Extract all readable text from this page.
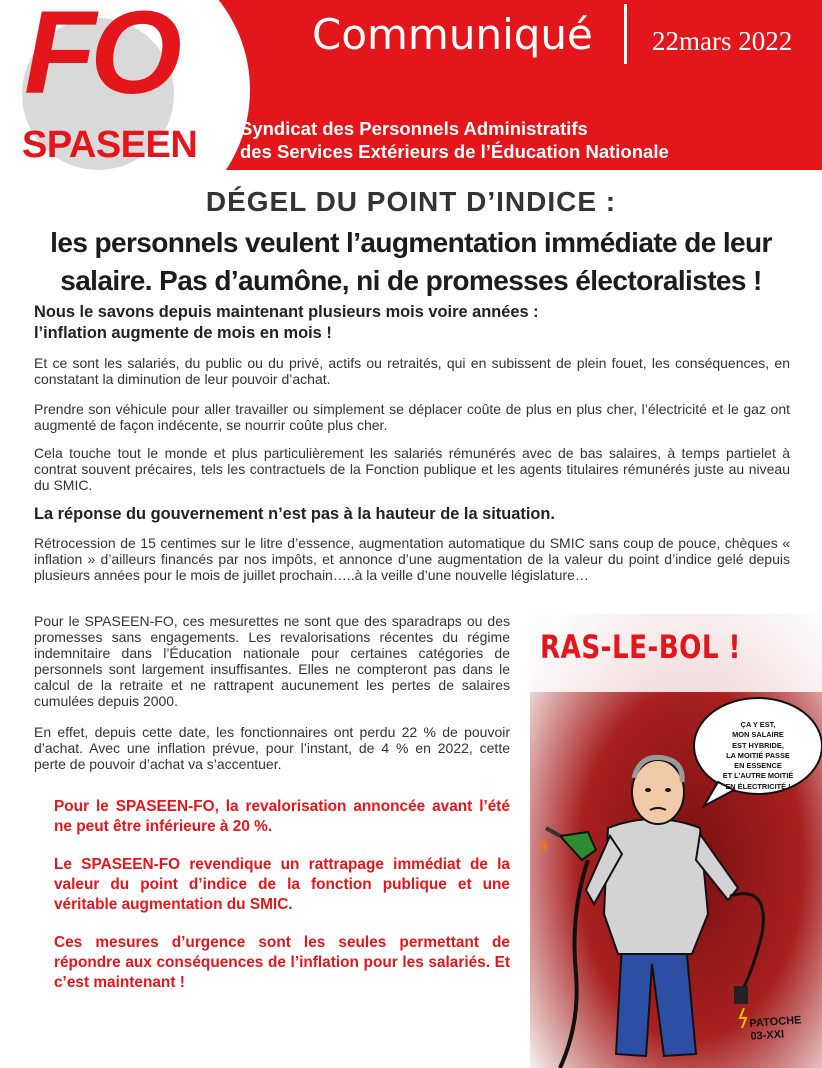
FO
SPASEEN
Communiqué 22mars 2022
Syndicat des Personnels Administratifs
des Services Extérieurs de l’Éducation Nationale
DÉGEL DU POINT D’INDICE :
les personnels veulent l’augmentation immédiate de leur salaire. Pas d’aumône, ni de promesses électoralistes !
Nous le savons depuis maintenant plusieurs mois voire années :
l’inflation augmente de mois en mois !
Et ce sont les salariés, du public ou du privé, actifs ou retraités, qui en subissent de plein fouet, les conséquences, en constatant la diminution de leur pouvoir d’achat.
Prendre son véhicule pour aller travailler ou simplement se déplacer coûte de plus en plus cher, l’électricité et le gaz ont augmenté de façon indécente, se nourrir coûte plus cher.
Cela touche tout le monde et plus particulièrement les salariés rémunérés avec de bas salaires, à temps partielet à contrat souvent précaires, tels les contractuels de la Fonction publique et les agents titulaires rémunérés juste au niveau du SMIC.
La réponse du gouvernement n’est pas à la hauteur de la situation.
Rétrocession de 15 centimes sur le litre d’essence, augmentation automatique du SMIC sans coup de pouce, chèques « inflation » d’ailleurs financés par nos impôts, et annonce d’une augmentation de la valeur du point d’indice gelé depuis plusieurs années pour le mois de juillet prochain…..à la veille d’une nouvelle législature…
Pour le SPASEEN-FO, ces mesurettes ne sont que des sparadraps ou des promesses sans engagements. Les revalorisations récentes du régime indemnitaire dans l’Éducation nationale pour certaines catégories de personnels sont largement insuffisantes. Elles ne compteront pas dans le calcul de la retraite et ne rattrapent aucunement les pertes de salaires cumulées depuis 2000.
En effet, depuis cette date, les fonctionnaires ont perdu 22 % de pouvoir d’achat. Avec une inflation prévue, pour l’instant, de 4 % en 2022, cette perte de pouvoir d’achat va s’accentuer.
Pour le SPASEEN-FO, la revalorisation annoncée avant l’été ne peut être inférieure à 20 %.
Le SPASEEN-FO revendique un rattrapage immédiat de la valeur du point d’indice de la fonction publique et une véritable augmentation du SMIC.
Ces mesures d’urgence sont les seules permettant de répondre aux conséquences de l’inflation pour les salariés. Et c’est maintenant !
RAS-LE-BOL !
ÇA Y EST,
MON SALAIRE
EST HYBRIDE,
LA MOITIÉ PASSE
EN ESSENCE
ET L’AUTRE MOITIÉ
EN ÉLECTRICITÉ !
PATOCHE
03-XXI
